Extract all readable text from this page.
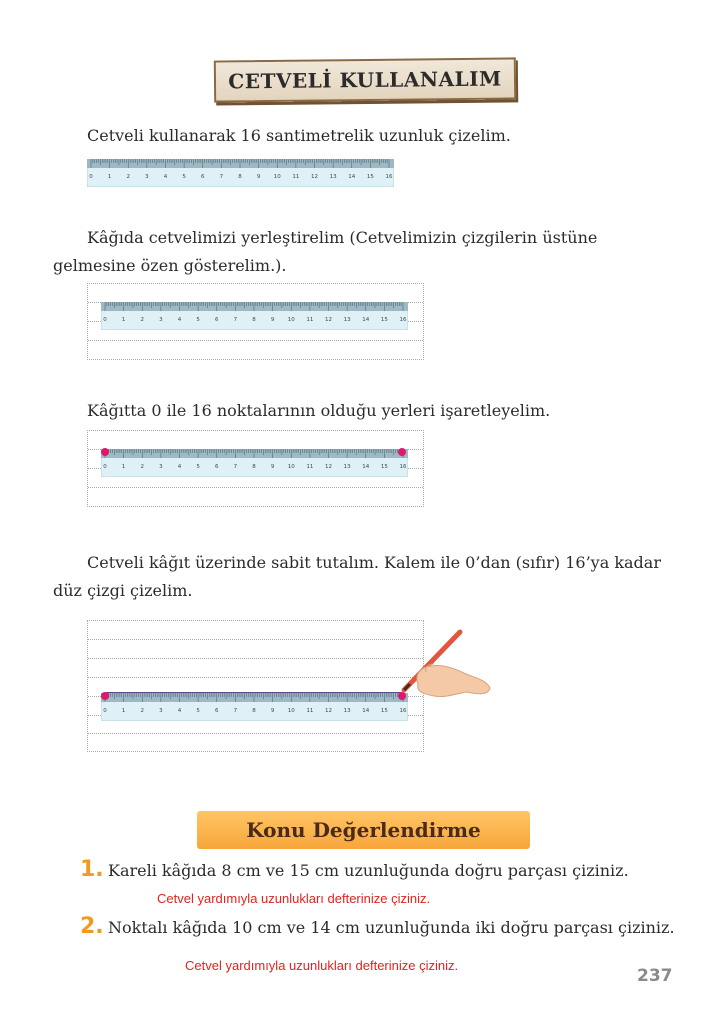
CETVELİ KULLANALIM
Cetveli kullanarak 16 santimetrelik uzunluk çizelim.
0	1	2	3	4	5	6	7	8	9 10 11 12 13 14 15 16
Kâğıda cetvelimizi yerleştirelim (Cetvelimizin çizgilerin üstüne gelmesine özen gösterelim.).
0	1	2	3	4	5	6	7	8	9 10 11 12 13 14 15 16
Kâğıtta 0 ile 16 noktalarının olduğu yerleri işaretleyelim.
0	1	2	3	4	5	6	7	8	9 10 11 12 13 14 15 16
Cetveli kâğıt üzerinde sabit tutalım. Kalem ile 0’dan (sıfır) 16’ya kadar düz çizgi çizelim.
0	1	2	3	4	5	6	7	8	9 10 11 12 13 14 15 16
Konu Değerlendirme
1. Kareli kâğıda 8 cm ve 15 cm uzunluğunda doğru parçası çiziniz.
Cetvel yardımıyla uzunlukları defterinize çiziniz.
2. Noktalı kâğıda 10 cm ve 14 cm uzunluğunda iki doğru parçası çiziniz.
Cetvel yardımıyla uzunlukları defterinize çiziniz.
237
